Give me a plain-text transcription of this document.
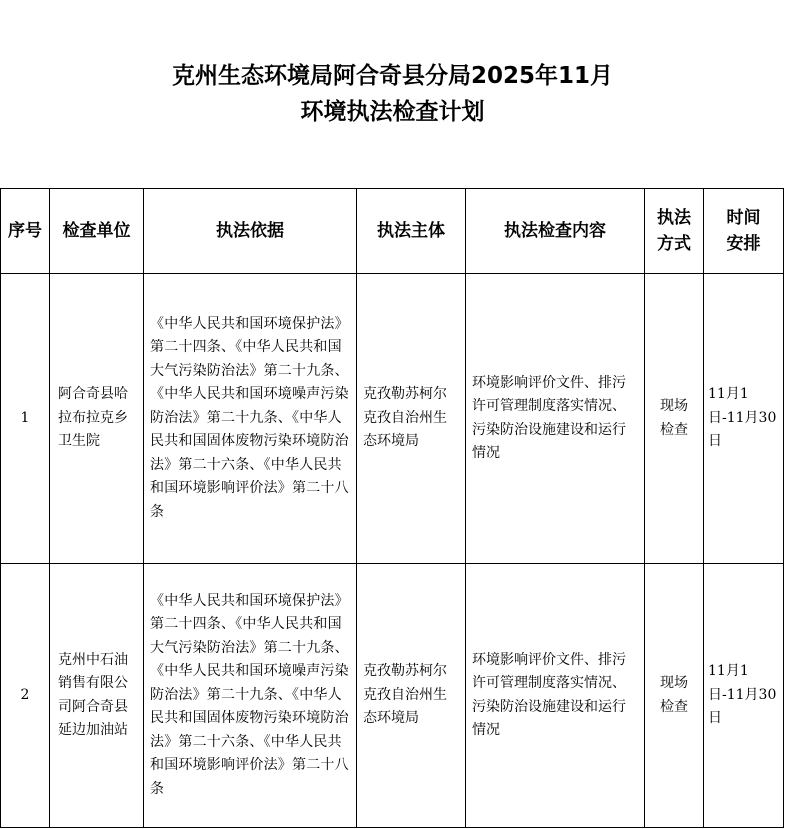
克州生态环境局阿合奇县分局2025年11月
环境执法检查计划
序号	检查单位	执法依据	执法主体	执法检查内容	执法方式	时间安排

1	阿合奇县哈拉布拉克乡卫生院	《中华人民共和国环境保护法》第二十四条、《中华人民共和国大气污染防治法》第二十九条、《中华人民共和国环境噪声污染防治法》第二十九条、《中华人民共和国固体废物污染环境防治法》第二十六条、《中华人民共和国环境影响评价法》第二十八条	克孜勒苏柯尔克孜自治州生态环境局	环境影响评价文件、排污许可管理制度落实情况、污染防治设施建设和运行情况	现场检查	11月1日-11月30日

2	克州中石油销售有限公司阿合奇县延边加油站	《中华人民共和国环境保护法》第二十四条、《中华人民共和国大气污染防治法》第二十九条、《中华人民共和国环境噪声污染防治法》第二十九条、《中华人民共和国固体废物污染环境防治法》第二十六条、《中华人民共和国环境影响评价法》第二十八条	克孜勒苏柯尔克孜自治州生态环境局	环境影响评价文件、排污许可管理制度落实情况、污染防治设施建设和运行情况	现场检查	11月1日-11月30日
